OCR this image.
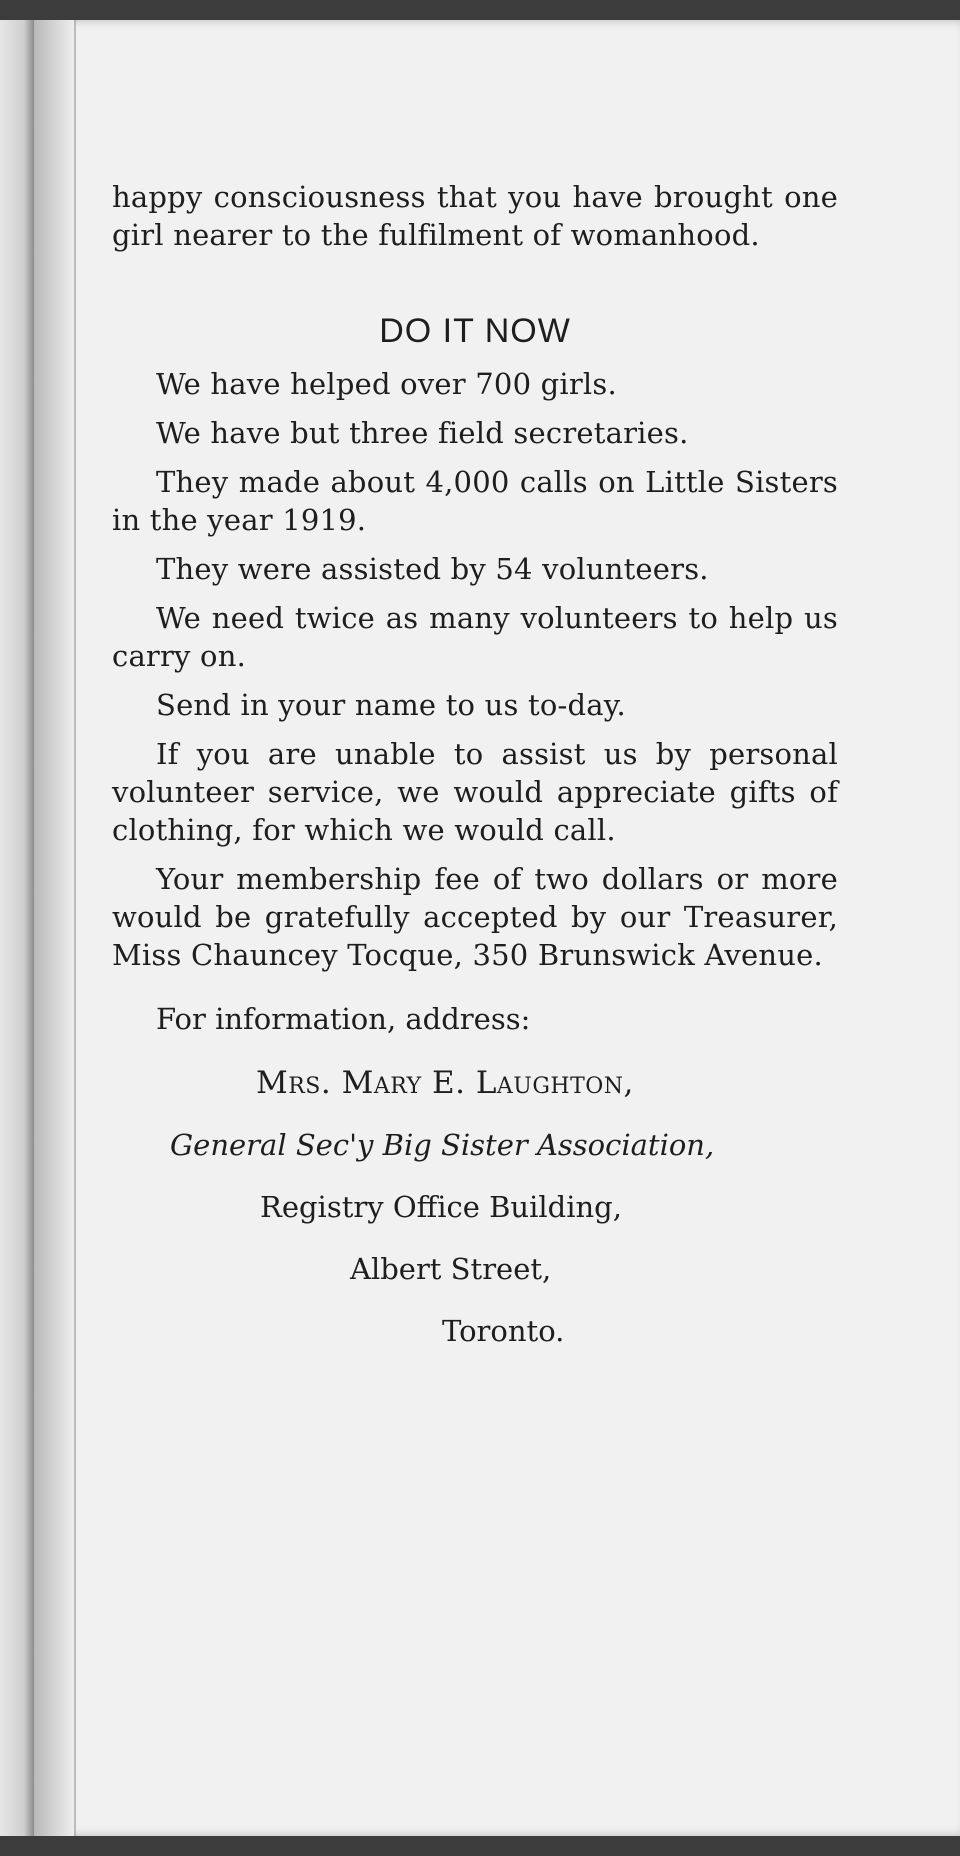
happy consciousness that you have brought one girl nearer to the fulfilment of womanhood.

DO IT NOW

We have helped over 700 girls.

We have but three field secretaries.

They made about 4,000 calls on Little Sisters in the year 1919.

They were assisted by 54 volunteers.

We need twice as many volunteers to help us carry on.

Send in your name to us to-day.

If you are unable to assist us by personal volunteer service, we would appreciate gifts of clothing, for which we would call.

Your membership fee of two dollars or more would be gratefully accepted by our Treasurer, Miss Chauncey Tocque, 350 Brunswick Avenue.

For information, address:

Mrs. Mary E. Laughton,

General Sec'y Big Sister Association,

Registry Office Building,

Albert Street,

Toronto.
